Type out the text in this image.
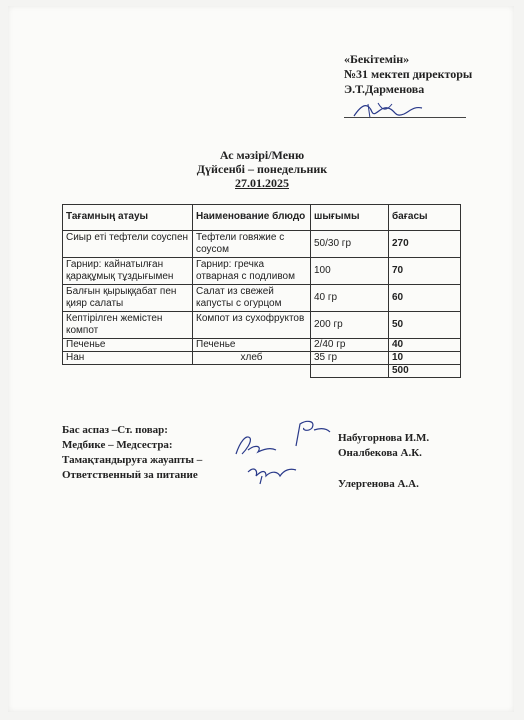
«Бекітемін»
№31 мектеп директоры
Э.Т.Дарменова
Ас мәзірі/Меню
Дүйсенбі – понедельник
27.01.2025
Тағамның атауы	Наименование блюдо	шығымы	бағасы
Сиыр еті тефтели соуспен	Тефтели говяжие с соусом	50/30 гр	270
Гарнир: кайнатылған қарақұмық тұздығымен	Гарнир: гречка отварная с подливом	100	70
Балғын қырыққабат пен қияр салаты	Салат из свежей капусты с огурцом	40 гр	60
Кептірілген жемістен компот	Компот из сухофруктов	200 гр	50
Печенье	Печенье	2/40 гр	40
Нан	хлеб	35 гр	10
			500
Бас аспаз –Ст. повар:
Медбике – Медсестра:
Тамақтандыруға жауапты –
Ответственный за питание
Набугорнова И.М.
Оналбекова А.К.
Улергенова А.А.
